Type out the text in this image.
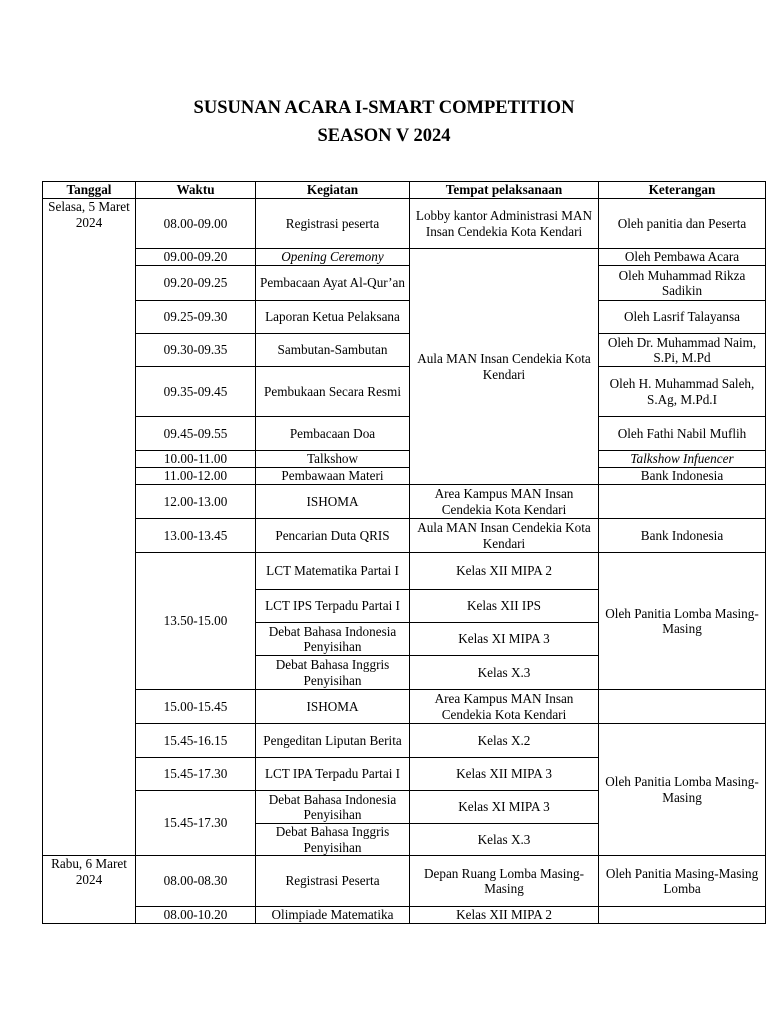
SUSUNAN ACARA I-SMART COMPETITION
SEASON V 2024
Tanggal	Waktu	Kegiatan	Tempat pelaksanaan	Keterangan
Selasa, 5 Maret 2024	08.00-09.00	Registrasi peserta	Lobby kantor Administrasi MAN Insan Cendekia Kota Kendari	Oleh panitia dan Peserta
	09.00-09.20	Opening Ceremony	Aula MAN Insan Cendekia Kota Kendari	Oleh Pembawa Acara
	09.20-09.25	Pembacaan Ayat Al-Qur’an		Oleh Muhammad Rikza Sadikin
	09.25-09.30	Laporan Ketua Pelaksana		Oleh Lasrif Talayansa
	09.30-09.35	Sambutan-Sambutan		Oleh Dr. Muhammad Naim, S.Pi, M.Pd
	09.35-09.45	Pembukaan Secara Resmi		Oleh H. Muhammad Saleh, S.Ag, M.Pd.I
	09.45-09.55	Pembacaan Doa		Oleh Fathi Nabil Muflih
	10.00-11.00	Talkshow		Talkshow Infuencer
	11.00-12.00	Pembawaan Materi		Bank Indonesia
	12.00-13.00	ISHOMA	Area Kampus MAN Insan Cendekia Kota Kendari	
	13.00-13.45	Pencarian Duta QRIS	Aula MAN Insan Cendekia Kota Kendari	Bank Indonesia
	13.50-15.00	LCT Matematika Partai I	Kelas XII MIPA 2	Oleh Panitia Lomba Masing-Masing
		LCT IPS Terpadu Partai I	Kelas XII IPS	
		Debat Bahasa Indonesia Penyisihan	Kelas XI MIPA 3	
		Debat Bahasa Inggris Penyisihan	Kelas X.3	
	15.00-15.45	ISHOMA	Area Kampus MAN Insan Cendekia Kota Kendari	
	15.45-16.15	Pengeditan Liputan Berita	Kelas X.2	Oleh Panitia Lomba Masing-Masing
	15.45-17.30	LCT IPA Terpadu Partai I	Kelas XII MIPA 3	
	15.45-17.30	Debat Bahasa Indonesia Penyisihan	Kelas XI MIPA 3	
		Debat Bahasa Inggris Penyisihan	Kelas X.3	
Rabu, 6 Maret 2024	08.00-08.30	Registrasi Peserta	Depan Ruang Lomba Masing-Masing	Oleh Panitia Masing-Masing Lomba
	08.00-10.20	Olimpiade Matematika	Kelas XII MIPA 2	
